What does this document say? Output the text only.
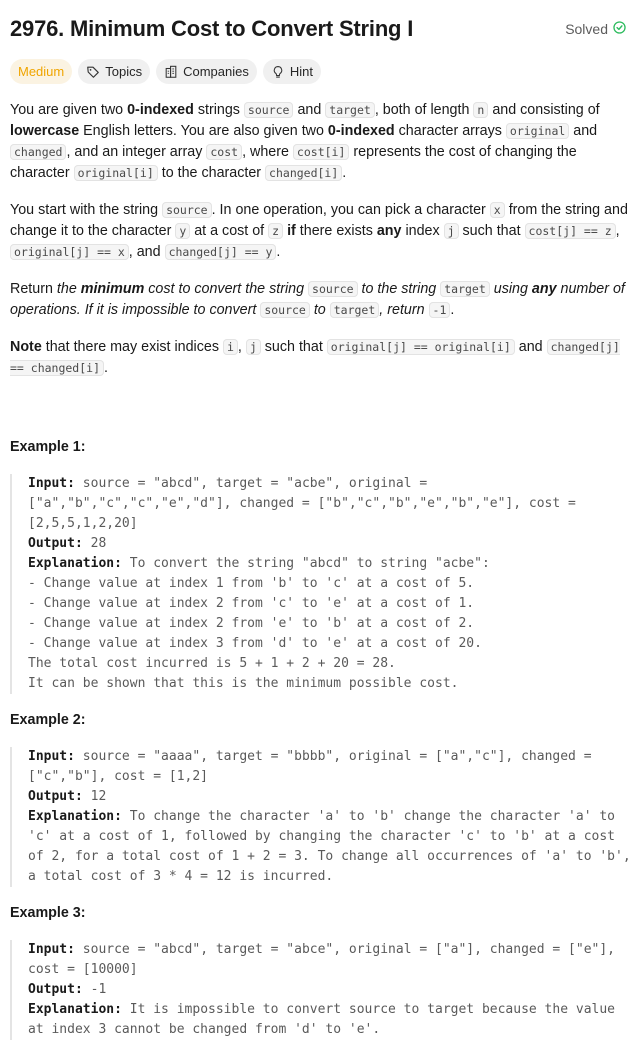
2976. Minimum Cost to Convert String I	Solved
Medium	Topics	Companies	Hint

You are given two 0-indexed strings source and target , both of length n and consisting of lowercase English letters. You are also given two 0-indexed character arrays original and changed , and an integer array cost , where cost[i] represents the cost of changing the character original[i] to the character changed[i] .

You start with the string source . In one operation, you can pick a character x from the string and change it to the character y at a cost of z if there exists any index j such that cost[j] == z , original[j] == x , and changed[j] == y .

Return the minimum cost to convert the string source to the string target using any number of operations. If it is impossible to convert source to target , return -1 .

Note that there may exist indices i , j such that original[j] == original[i] and changed[j] == changed[i] .

Example 1:
Input: source = "abcd", target = "acbe", original = ["a","b","c","c","e","d"], changed = ["b","c","b","e","b","e"], cost = [2,5,5,1,2,20]
Output: 28
Explanation: To convert the string "abcd" to string "acbe":
- Change value at index 1 from 'b' to 'c' at a cost of 5.
- Change value at index 2 from 'c' to 'e' at a cost of 1.
- Change value at index 2 from 'e' to 'b' at a cost of 2.
- Change value at index 3 from 'd' to 'e' at a cost of 20.
The total cost incurred is 5 + 1 + 2 + 20 = 28.
It can be shown that this is the minimum possible cost.
Example 2:
Input: source = "aaaa", target = "bbbb", original = ["a","c"], changed = ["c","b"], cost = [1,2]
Output: 12
Explanation: To change the character 'a' to 'b' change the character 'a' to 'c' at a cost of 1, followed by changing the character 'c' to 'b' at a cost of 2, for a total cost of 1 + 2 = 3. To change all occurrences of 'a' to 'b', a total cost of 3 * 4 = 12 is incurred.
Example 3:
Input: source = "abcd", target = "abce", original = ["a"], changed = ["e"], cost = [10000]
Output: -1
Explanation: It is impossible to convert source to target because the value at index 3 cannot be changed from 'd' to 'e'.
